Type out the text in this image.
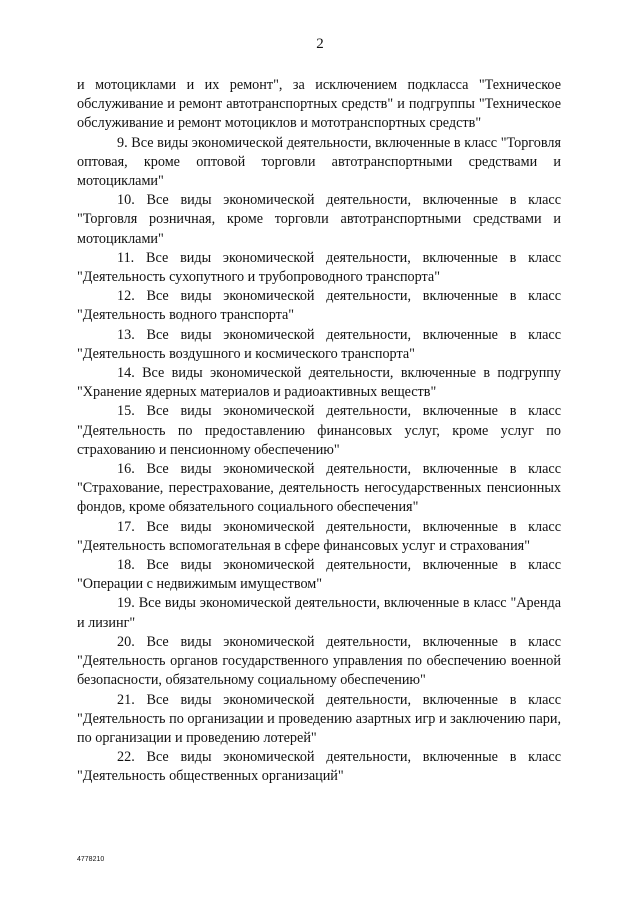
2

и мотоциклами и их ремонт", за исключением подкласса "Техническое обслуживание и ремонт автотранспортных средств" и подгруппы "Техническое обслуживание и ремонт мотоциклов и мототранспортных средств"

9. Все виды экономической деятельности, включенные в класс "Торговля оптовая, кроме оптовой торговли автотранспортными средствами и мотоциклами"

10. Все виды экономической деятельности, включенные в класс "Торговля розничная, кроме торговли автотранспортными средствами и мотоциклами"

11. Все виды экономической деятельности, включенные в класс "Деятельность сухопутного и трубопроводного транспорта"

12. Все виды экономической деятельности, включенные в класс "Деятельность водного транспорта"

13. Все виды экономической деятельности, включенные в класс "Деятельность воздушного и космического транспорта"

14. Все виды экономической деятельности, включенные в подгруппу "Хранение ядерных материалов и радиоактивных веществ"

15. Все виды экономической деятельности, включенные в класс "Деятельность по предоставлению финансовых услуг, кроме услуг по страхованию и пенсионному обеспечению"

16. Все виды экономической деятельности, включенные в класс "Страхование, перестрахование, деятельность негосударственных пенсионных фондов, кроме обязательного социального обеспечения"

17. Все виды экономической деятельности, включенные в класс "Деятельность вспомогательная в сфере финансовых услуг и страхования"

18. Все виды экономической деятельности, включенные в класс "Операции с недвижимым имуществом"

19. Все виды экономической деятельности, включенные в класс "Аренда и лизинг"

20. Все виды экономической деятельности, включенные в класс "Деятельность органов государственного управления по обеспечению военной безопасности, обязательному социальному обеспечению"

21. Все виды экономической деятельности, включенные в класс "Деятельность по организации и проведению азартных игр и заключению пари, по организации и проведению лотерей"

22. Все виды экономической деятельности, включенные в класс "Деятельность общественных организаций"

4778210
